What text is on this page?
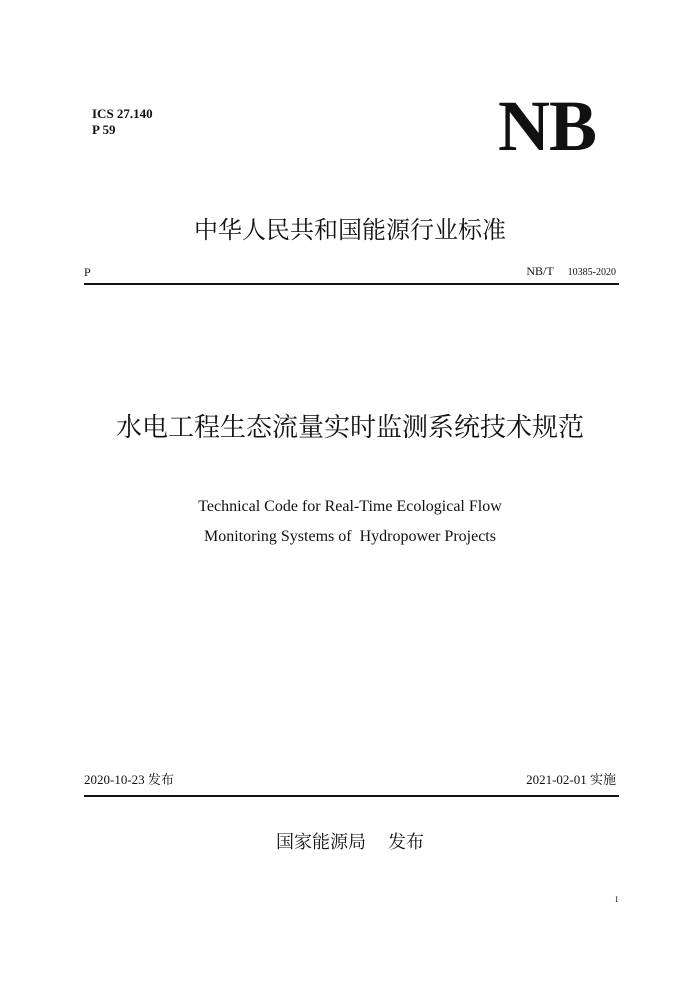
ICS 27.140
P 59	NB
中华人民共和国能源行业标准
P	NB/T 10385-2020
水电工程生态流量实时监测系统技术规范
Technical Code for Real-Time Ecological Flow
Monitoring Systems of  Hydropower Projects
2020-10-23 发布	2021-02-01 实施
国家能源局 发布
I
